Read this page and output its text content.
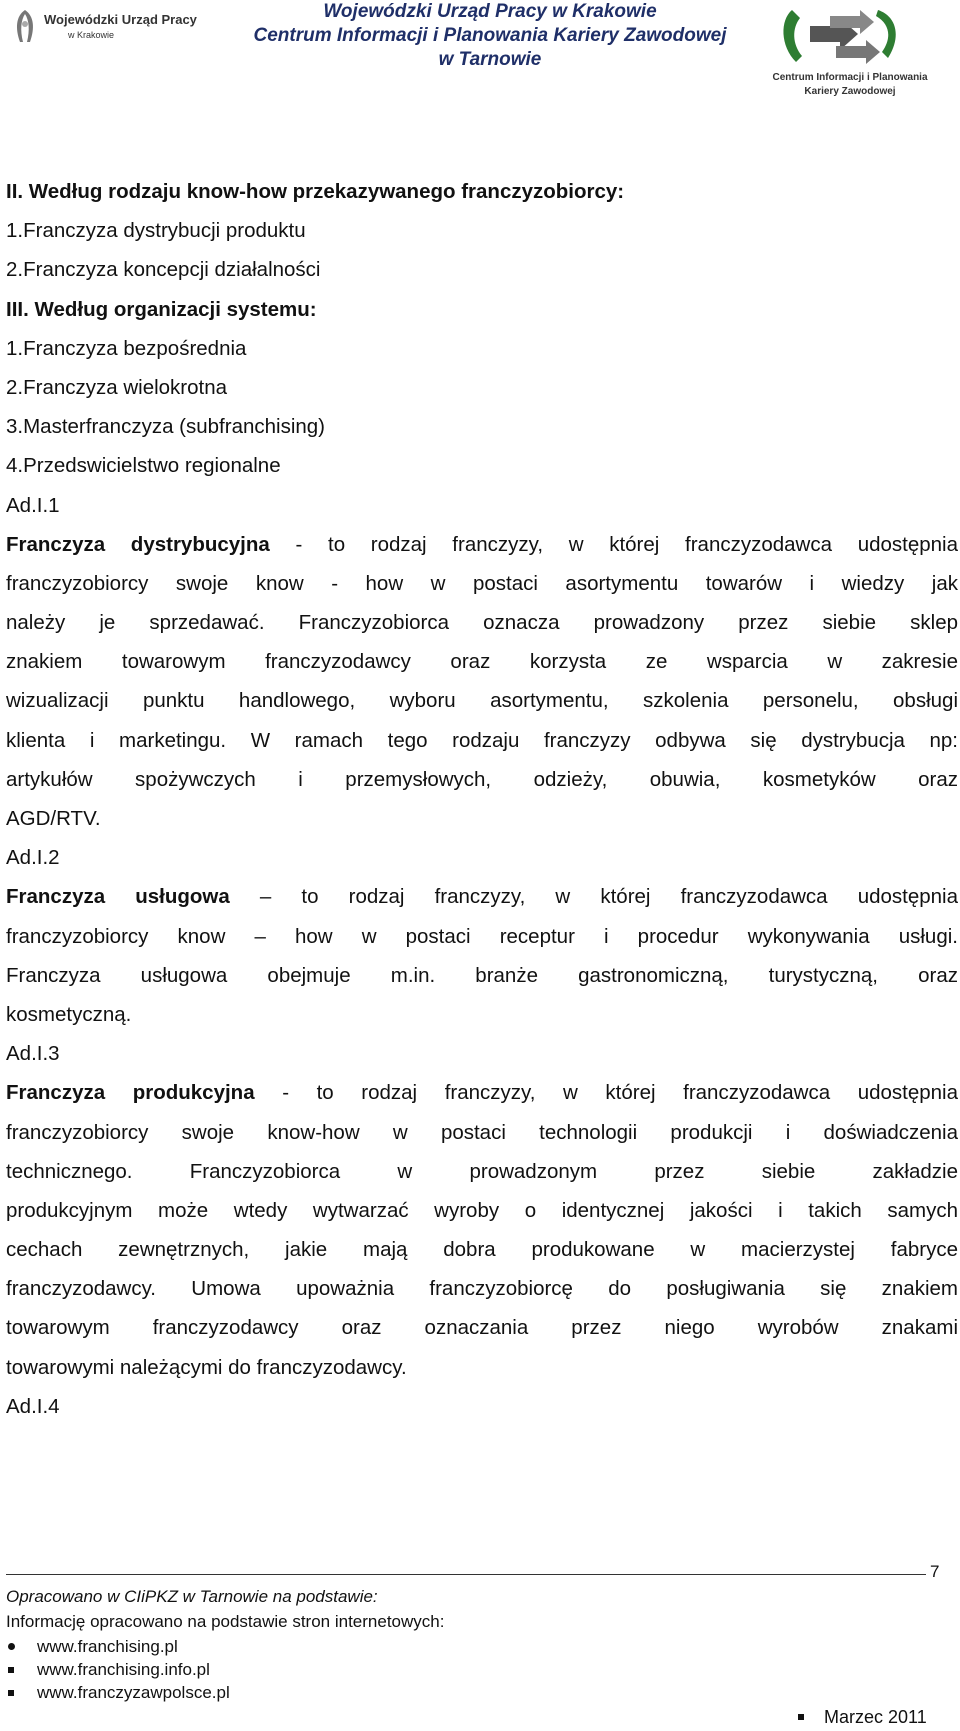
Wojewódzki Urząd Pracy
w Krakowie
Wojewódzki Urząd Pracy w Krakowie
Centrum Informacji i Planowania Kariery Zawodowej
w Tarnowie
Centrum Informacji i Planowania
Kariery Zawodowej
II. Według rodzaju know-how przekazywanego franczyzobiorcy:
1.Franczyza dystrybucji produktu
2.Franczyza koncepcji działalności
III. Według organizacji systemu:
1.Franczyza bezpośrednia
2.Franczyza wielokrotna
3.Masterfranczyza (subfranchising)
4.Przedswicielstwo regionalne
Ad.I.1
Franczyza dystrybucyjna - to rodzaj franczyzy, w której franczyzodawca udostępnia
franczyzobiorcy swoje know - how w postaci asortymentu towarów i wiedzy jak
należy je sprzedawać. Franczyzobiorca oznacza prowadzony przez siebie sklep
znakiem towarowym franczyzodawcy oraz korzysta ze wsparcia w zakresie
wizualizacji punktu handlowego, wyboru asortymentu, szkolenia personelu, obsługi
klienta i marketingu. W ramach tego rodzaju franczyzy odbywa się dystrybucja np:
artykułów spożywczych i przemysłowych, odzieży, obuwia, kosmetyków oraz
AGD/RTV.
Ad.I.2
Franczyza usługowa – to rodzaj franczyzy, w której franczyzodawca udostępnia
franczyzobiorcy know – how w postaci receptur i procedur wykonywania usługi.
Franczyza usługowa obejmuje m.in. branże gastronomiczną, turystyczną, oraz
kosmetyczną.
Ad.I.3
Franczyza produkcyjna - to rodzaj franczyzy, w której franczyzodawca udostępnia
franczyzobiorcy swoje know-how w postaci technologii produkcji i doświadczenia
technicznego. Franczyzobiorca w prowadzonym przez siebie zakładzie
produkcyjnym może wtedy wytwarzać wyroby o identycznej jakości i takich samych
cechach zewnętrznych, jakie mają dobra produkowane w macierzystej fabryce
franczyzodawcy. Umowa upoważnia franczyzobiorcę do posługiwania się znakiem
towarowym franczyzodawcy oraz oznaczania przez niego wyrobów znakami
towarowymi należącymi do franczyzodawcy.
Ad.I.4
7
Opracowano w CIiPKZ w Tarnowie na podstawie:
Informację opracowano na podstawie stron internetowych:
www.franchising.pl
www.franchising.info.pl
www.franczyzawpolsce.pl
Marzec 2011
